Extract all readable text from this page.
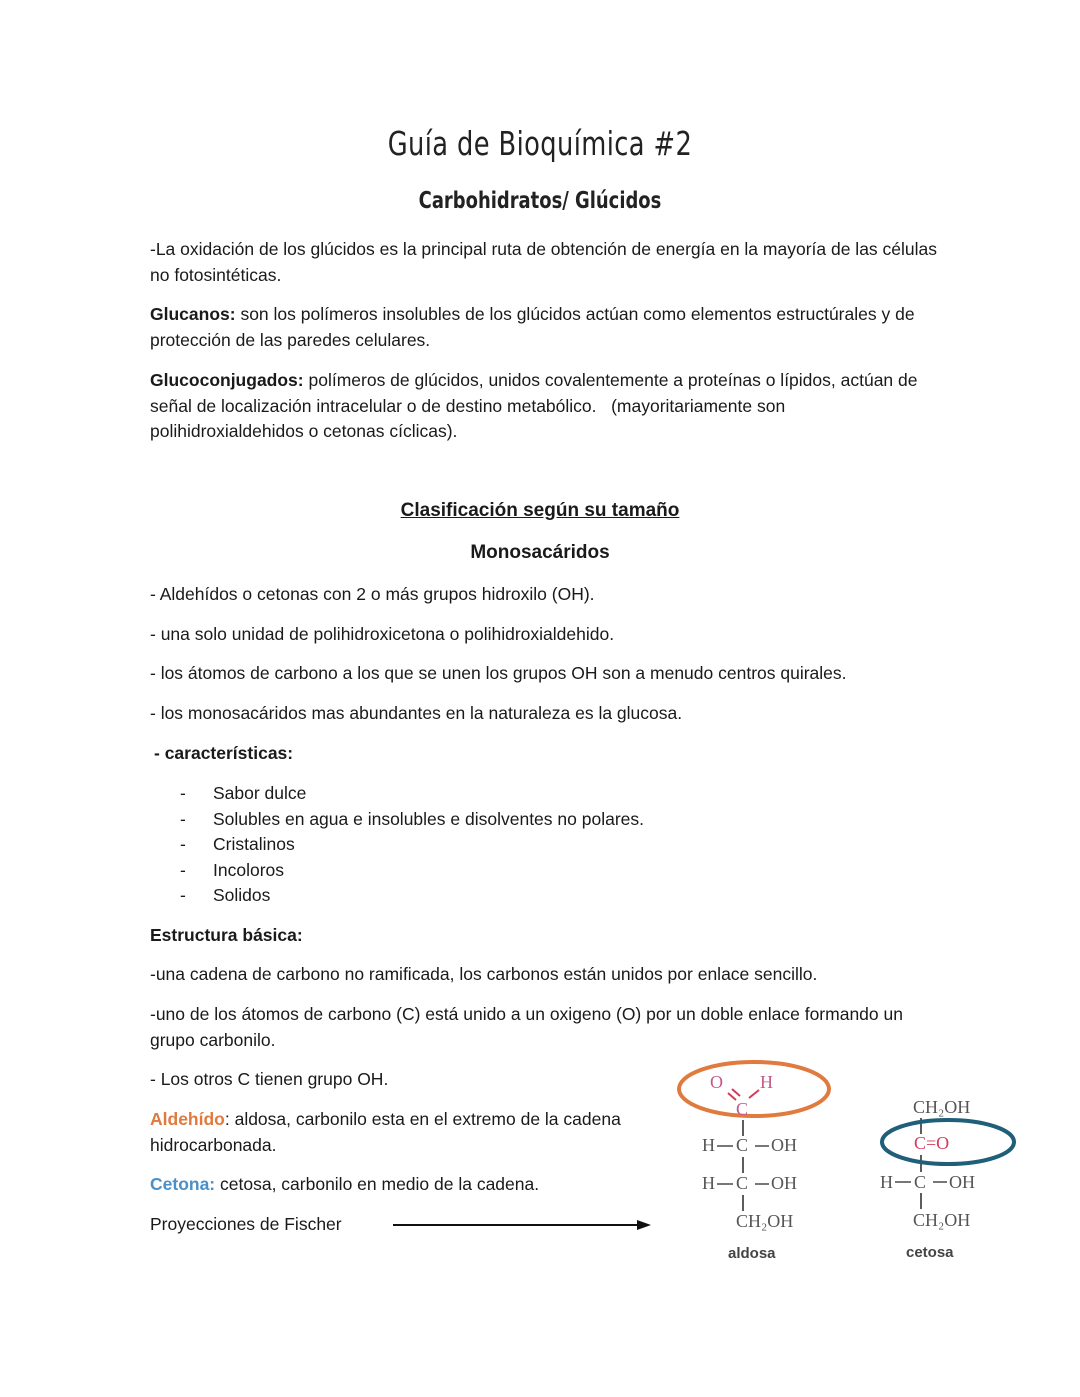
Guía de Bioquímica #2
Carbohidratos/ Glúcidos
-La oxidación de los glúcidos es la principal ruta de obtención de energía en la mayoría de las células no fotosintéticas.
Glucanos: son los polímeros insolubles de los glúcidos actúan como elementos estructúrales y de protección de las paredes celulares.
Glucoconjugados: polímeros de glúcidos, unidos covalentemente a proteínas o lípidos, actúan de señal de localización intracelular o de destino metabólico.   (mayoritariamente son polihidroxialdehidos o cetonas cíclicas).
Clasificación según su tamaño
Monosacáridos
- Aldehídos o cetonas con 2 o más grupos hidroxilo (OH).
- una solo unidad de polihidroxicetona o polihidroxialdehido.
- los átomos de carbono a los que se unen los grupos OH son a menudo centros quirales.
- los monosacáridos mas abundantes en la naturaleza es la glucosa.
- características:
-	Sabor dulce
-	Solubles en agua e insolubles e disolventes no polares.
-	Cristalinos
-	Incoloros
-	Solidos
Estructura básica:
-una cadena de carbono no ramificada, los carbonos están unidos por enlace sencillo.
-uno de los átomos de carbono (C) está unido a un oxigeno (O) por un doble enlace formando un grupo carbonilo.
- Los otros C tienen grupo OH.
Aldehído: aldosa, carbonilo esta en el extremo de la cadena hidrocarbonada.
Cetona: cetosa, carbonilo en medio de la cadena.
Proyecciones de Fischer
O H
C
H C OH
H C OH
CH₂OH
aldosa
CH₂OH
C=O
H C OH
CH₂OH
cetosa
